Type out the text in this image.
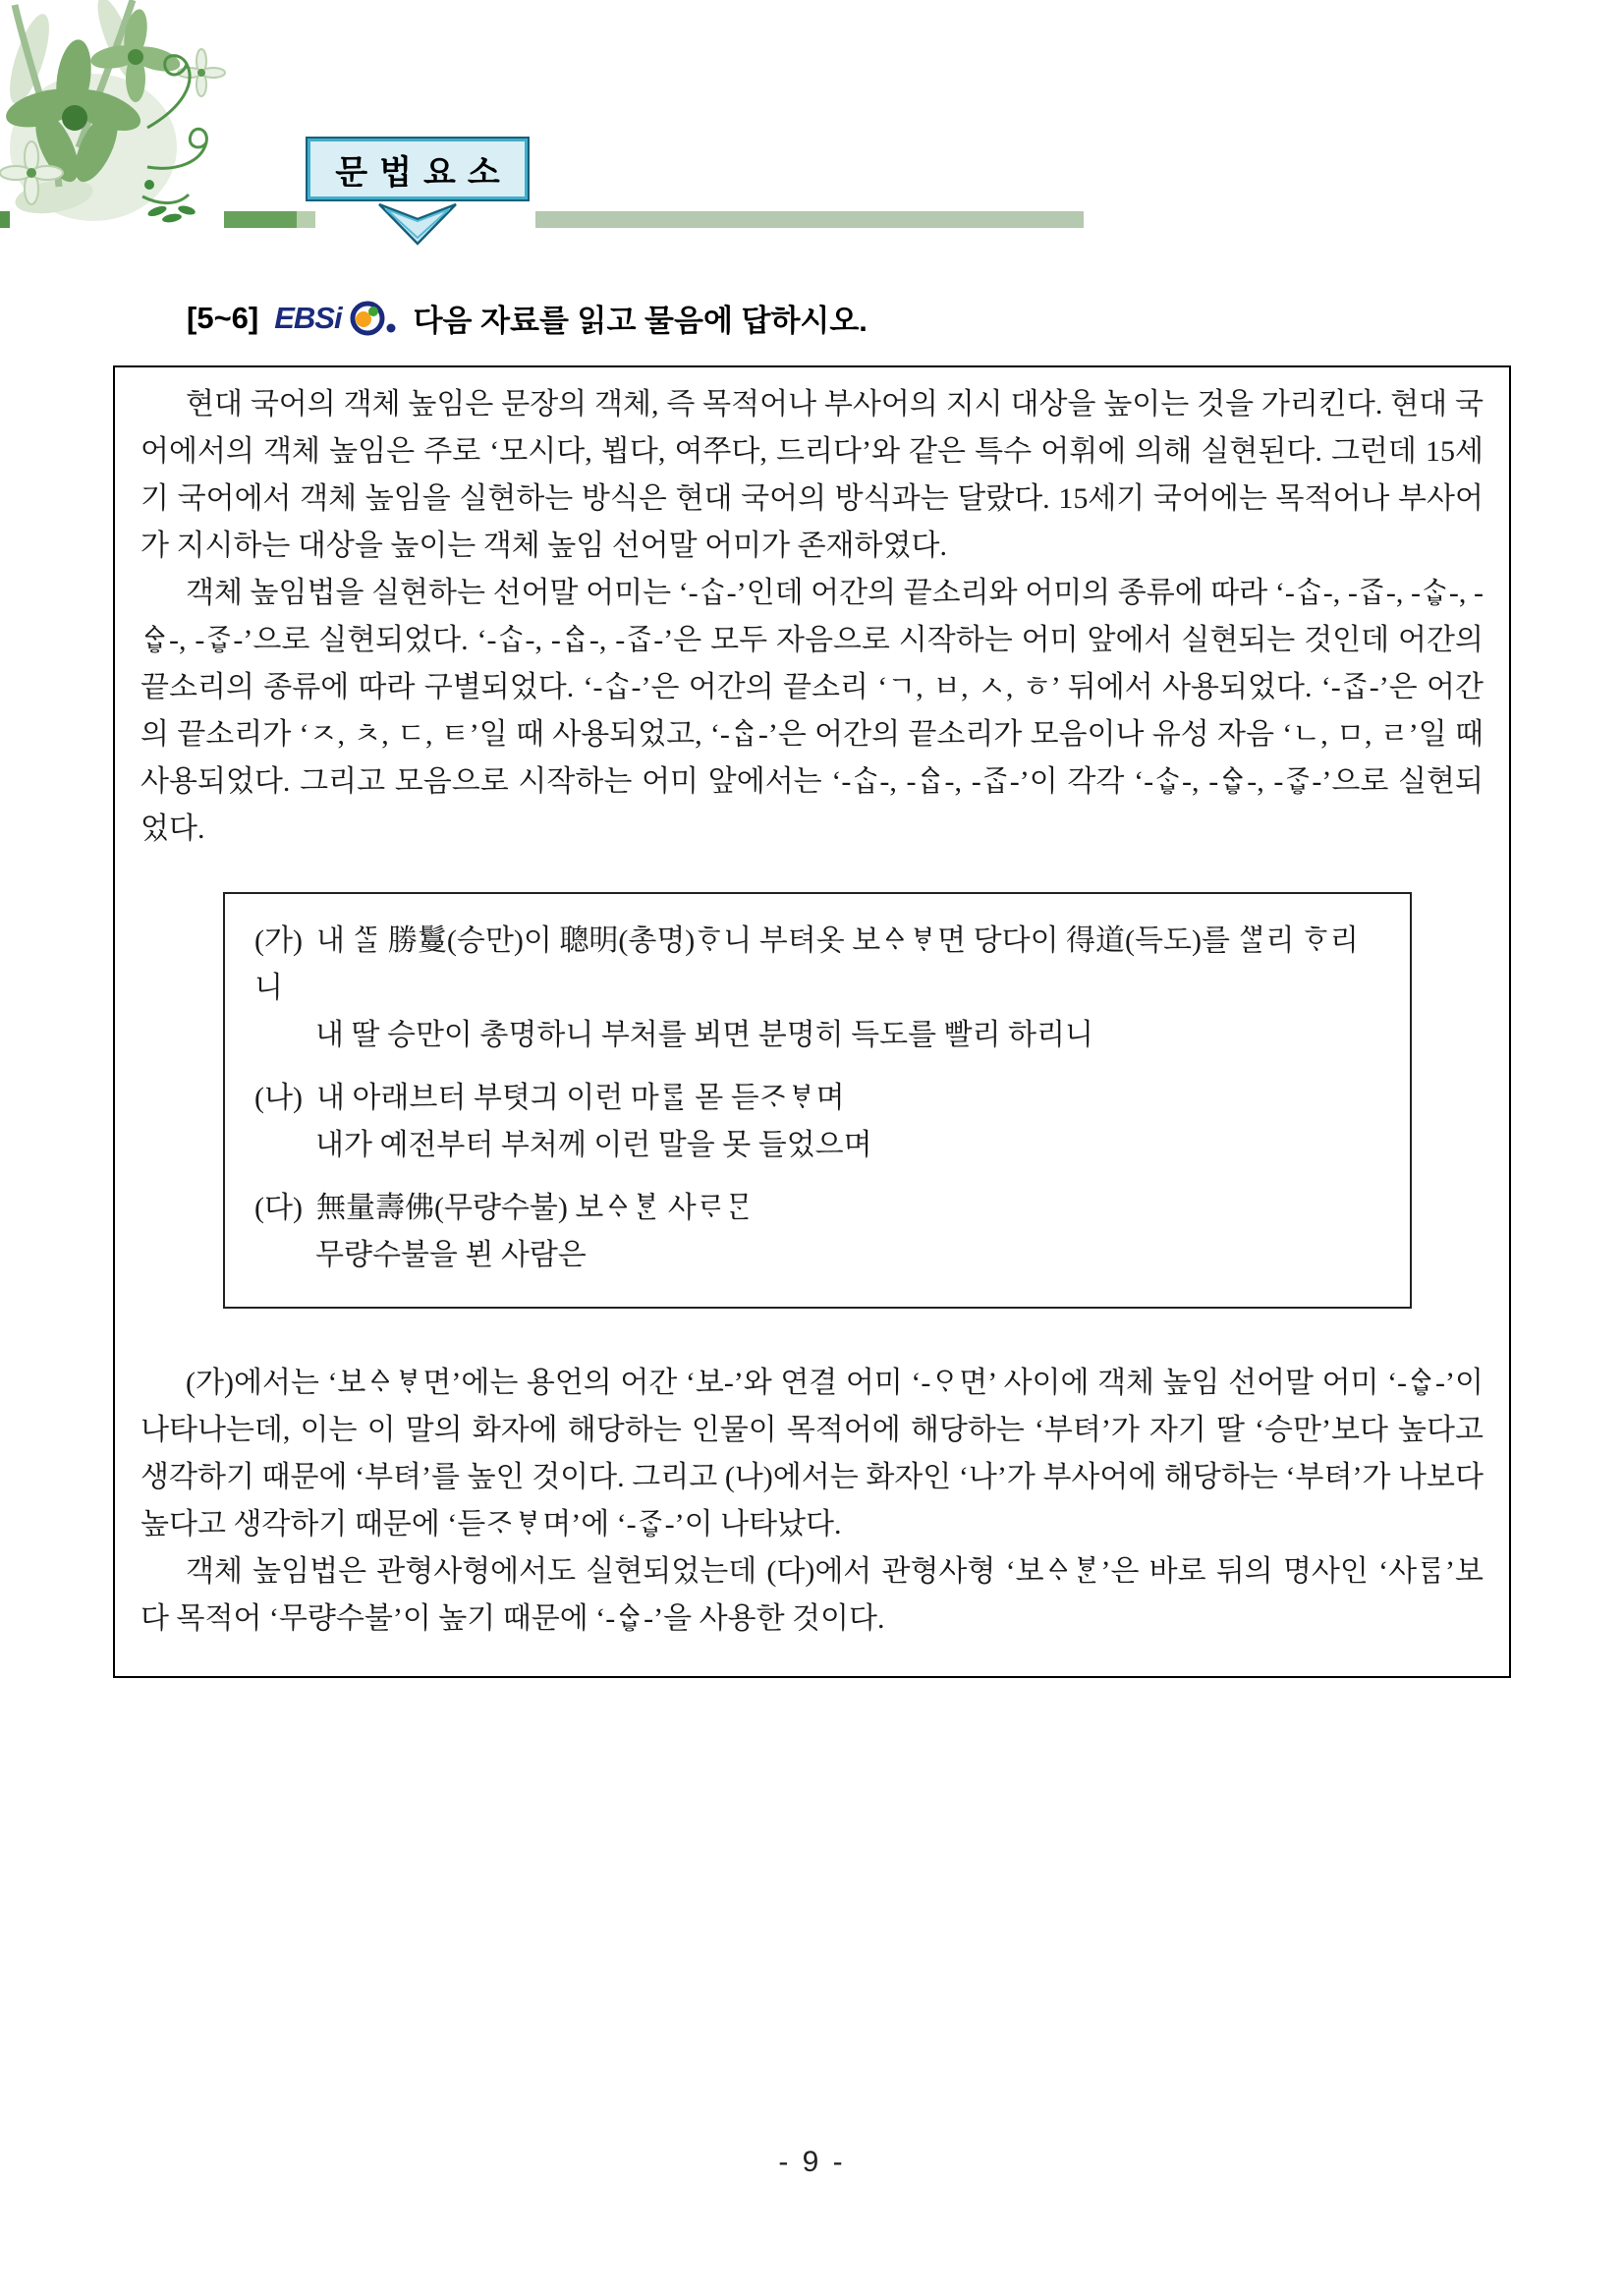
문법요소
[5~6] EBSi 다음 자료를 읽고 물음에 답하시오.

현대 국어의 객체 높임은 문장의 객체, 즉 목적어나 부사어의 지시 대상을 높이는 것을 가리킨다. 현대 국어에서의 객체 높임은 주로 ‘모시다, 뵙다, 여쭈다, 드리다’와 같은 특수 어휘에 의해 실현된다. 그런데 15세기 국어에서 객체 높임을 실현하는 방식은 현대 국어의 방식과는 달랐다. 15세기 국어에는 목적어나 부사어가 지시하는 대상을 높이는 객체 높임 선어말 어미가 존재하였다.

객체 높임법을 실현하는 선어말 어미는 ‘-ᄉᆞᆸ-’인데 어간의 끝소리와 어미의 종류에 따라 ‘-ᄉᆞᆸ-, -ᄌᆞᆸ-, -ᄉᆞᇦ-, -ᅀᆞᇦ-, -ᄌᆞᇦ-’으로 실현되었다. ‘-ᄉᆞᆸ-, -ᅀᆞᆸ-, -ᄌᆞᆸ-’은 모두 자음으로 시작하는 어미 앞에서 실현되는 것인데 어간의 끝소리의 종류에 따라 구별되었다. ‘-ᄉᆞᆸ-’은 어간의 끝소리 ‘ㄱ, ㅂ, ㅅ, ㅎ’ 뒤에서 사용되었다. ‘-ᄌᆞᆸ-’은 어간의 끝소리가 ‘ㅈ, ㅊ, ㄷ, ㅌ’일 때 사용되었고, ‘-ᅀᆞᆸ-’은 어간의 끝소리가 모음이나 유성 자음 ‘ㄴ, ㅁ, ㄹ’일 때 사용되었다. 그리고 모음으로 시작하는 어미 앞에서는 ‘-ᄉᆞᆸ-, -ᅀᆞᆸ-, -ᄌᆞᆸ-’이 각각 ‘-ᄉᆞᇦ-, -ᅀᆞᇦ-, -ᄌᆞᇦ-’으로 실현되었다.

(가) 내 ᄯᆞᆯ 勝鬘(승만)이 聰明(총명)ᄒᆞ니 부텨옷 보ᅀᆞᄫᆞ면 당다이 得道(득도)를 ᄲᆞᆯ리 ᄒᆞ리니
내 딸 승만이 총명하니 부처를 뵈면 분명히 득도를 빨리 하리니
(나) 내 아래브터 부텻긔 이런 마ᄅᆞᆯ 몯 듣ᄌᆞᄫᆞ며
내가 예전부터 부처께 이런 말을 못 들었으며
(다) 無量壽佛(무량수불) 보ᅀᆞᄫᆞᆫ 사ᄅᆞᄆᆞᆫ
무량수불을 뵌 사람은

(가)에서는 ‘보ᅀᆞᄫᆞ면’에는 용언의 어간 ‘보-’와 연결 어미 ‘-ᄋᆞ면’ 사이에 객체 높임 선어말 어미 ‘-ᅀᆞᇦ-’이 나타나는데, 이는 이 말의 화자에 해당하는 인물이 목적어에 해당하는 ‘부텨’가 자기 딸 ‘승만’보다 높다고 생각하기 때문에 ‘부텨’를 높인 것이다. 그리고 (나)에서는 화자인 ‘나’가 부사어에 해당하는 ‘부텨’가 나보다 높다고 생각하기 때문에 ‘듣ᄌᆞᄫᆞ며’에 ‘-ᄌᆞᇦ-’이 나타났다.

객체 높임법은 관형사형에서도 실현되었는데 (다)에서 관형사형 ‘보ᅀᆞᄫᆞᆫ’은 바로 뒤의 명사인 ‘사ᄅᆞᆷ’보다 목적어 ‘무량수불’이 높기 때문에 ‘-ᅀᆞᇦ-’을 사용한 것이다.

- 9 -
